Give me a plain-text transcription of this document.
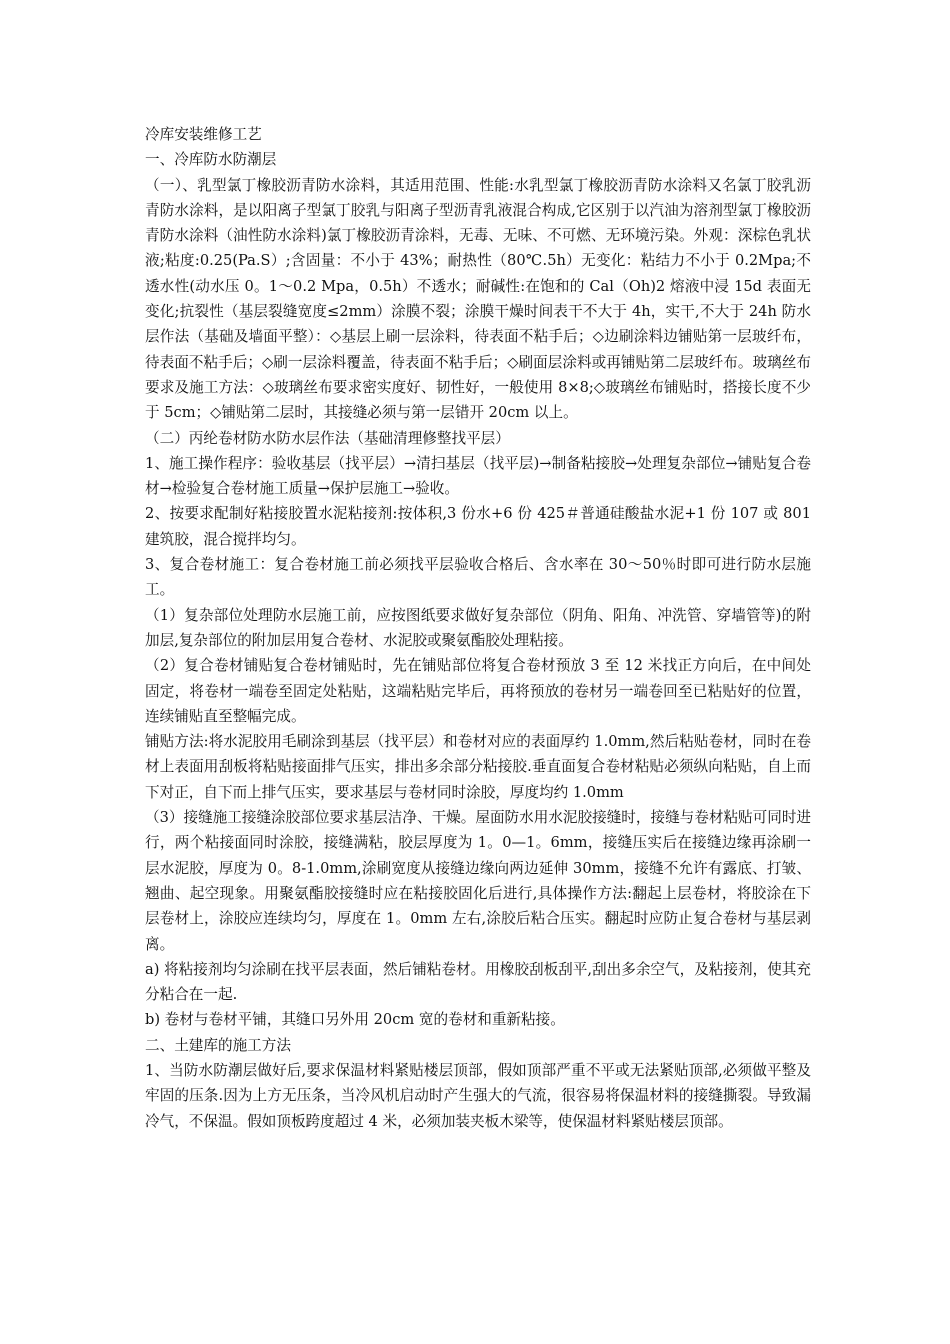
冷库安装维修工艺

一、冷库防水防潮层

（一）、乳型氯丁橡胶沥青防水涂料，其适用范围、性能:水乳型氯丁橡胶沥青防水涂料又名氯丁胶乳沥青防水涂料，是以阳离子型氯丁胶乳与阳离子型沥青乳液混合构成,它区别于以汽油为溶剂型氯丁橡胶沥青防水涂料（油性防水涂料)氯丁橡胶沥青涂料，无毒、无味、不可燃、无环境污染。外观：深棕色乳状液;粘度:0.25(Pa.S）;含固量：不小于 43%；耐热性（80℃.5h）无变化：粘结力不小于 0.2Mpa;不透水性(动水压 0。1～0.2 Mpa，0.5h）不透水；耐碱性:在饱和的 Cal（Oh)2 熔液中浸 15d 表面无变化;抗裂性（基层裂缝宽度≤2mm）涂膜不裂；涂膜干燥时间表干不大于 4h，实干,不大于 24h 防水层作法（基础及墙面平整）：◇基层上刷一层涂料，待表面不粘手后；◇边刷涂料边铺贴第一层玻纤布，待表面不粘手后；◇刷一层涂料覆盖，待表面不粘手后；◇刷面层涂料或再铺贴第二层玻纤布。玻璃丝布要求及施工方法：◇玻璃丝布要求密实度好、韧性好，一般使用 8×8;◇玻璃丝布铺贴时，搭接长度不少于 5cm；◇铺贴第二层时，其接缝必须与第一层错开 20cm 以上。

（二）丙纶卷材防水防水层作法（基础清理修整找平层）

1、施工操作程序：验收基层（找平层）→清扫基层（找平层)→制备粘接胶→处理复杂部位→铺贴复合卷材→检验复合卷材施工质量→保护层施工→验收。

2、按要求配制好粘接胶置水泥粘接剂:按体积,3 份水+6 份 425＃普通硅酸盐水泥+1 份 107 或 801 建筑胶，混合搅拌均匀。

3、复合卷材施工：复合卷材施工前必须找平层验收合格后、含水率在 30～50％时即可进行防水层施工。

（1）复杂部位处理防水层施工前，应按图纸要求做好复杂部位（阴角、阳角、冲洗管、穿墙管等)的附加层,复杂部位的附加层用复合卷材、水泥胶或聚氨酯胶处理粘接。

（2）复合卷材铺贴复合卷材铺贴时，先在铺贴部位将复合卷材预放 3 至 12 米找正方向后，在中间处固定，将卷材一端卷至固定处粘贴，这端粘贴完毕后，再将预放的卷材另一端卷回至已粘贴好的位置，连续铺贴直至整幅完成。

铺贴方法:将水泥胶用毛刷涂到基层（找平层）和卷材对应的表面厚约 1.0mm,然后粘贴卷材，同时在卷材上表面用刮板将粘贴接面排气压实，排出多余部分粘接胶.垂直面复合卷材粘贴必须纵向粘贴，自上而下对正，自下而上排气压实，要求基层与卷材同时涂胶，厚度均约 1.0mm

（3）接缝施工接缝涂胶部位要求基层洁净、干燥。屋面防水用水泥胶接缝时，接缝与卷材粘贴可同时进行，两个粘接面同时涂胶，接缝满粘，胶层厚度为 1。0—1。6mm，接缝压实后在接缝边缘再涂刷一层水泥胶，厚度为 0。8-1.0mm,涂刷宽度从接缝边缘向两边延伸 30mm，接缝不允许有露底、打皱、翘曲、起空现象。用聚氨酯胶接缝时应在粘接胶固化后进行,具体操作方法:翻起上层卷材，将胶涂在下层卷材上，涂胶应连续均匀，厚度在 1。0mm 左右,涂胶后粘合压实。翻起时应防止复合卷材与基层剥离。

a) 将粘接剂均匀涂刷在找平层表面，然后铺粘卷材。用橡胶刮板刮平,刮出多余空气，及粘接剂，使其充分粘合在一起.

b) 卷材与卷材平铺，其缝口另外用 20cm 宽的卷材和重新粘接。

二、土建库的施工方法

1、当防水防潮层做好后,要求保温材料紧贴楼层顶部，假如顶部严重不平或无法紧贴顶部,必须做平整及牢固的压条.因为上方无压条，当冷风机启动时产生强大的气流，很容易将保温材料的接缝撕裂。导致漏冷气，不保温。假如顶板跨度超过 4 米，必须加装夹板木梁等，使保温材料紧贴楼层顶部。
